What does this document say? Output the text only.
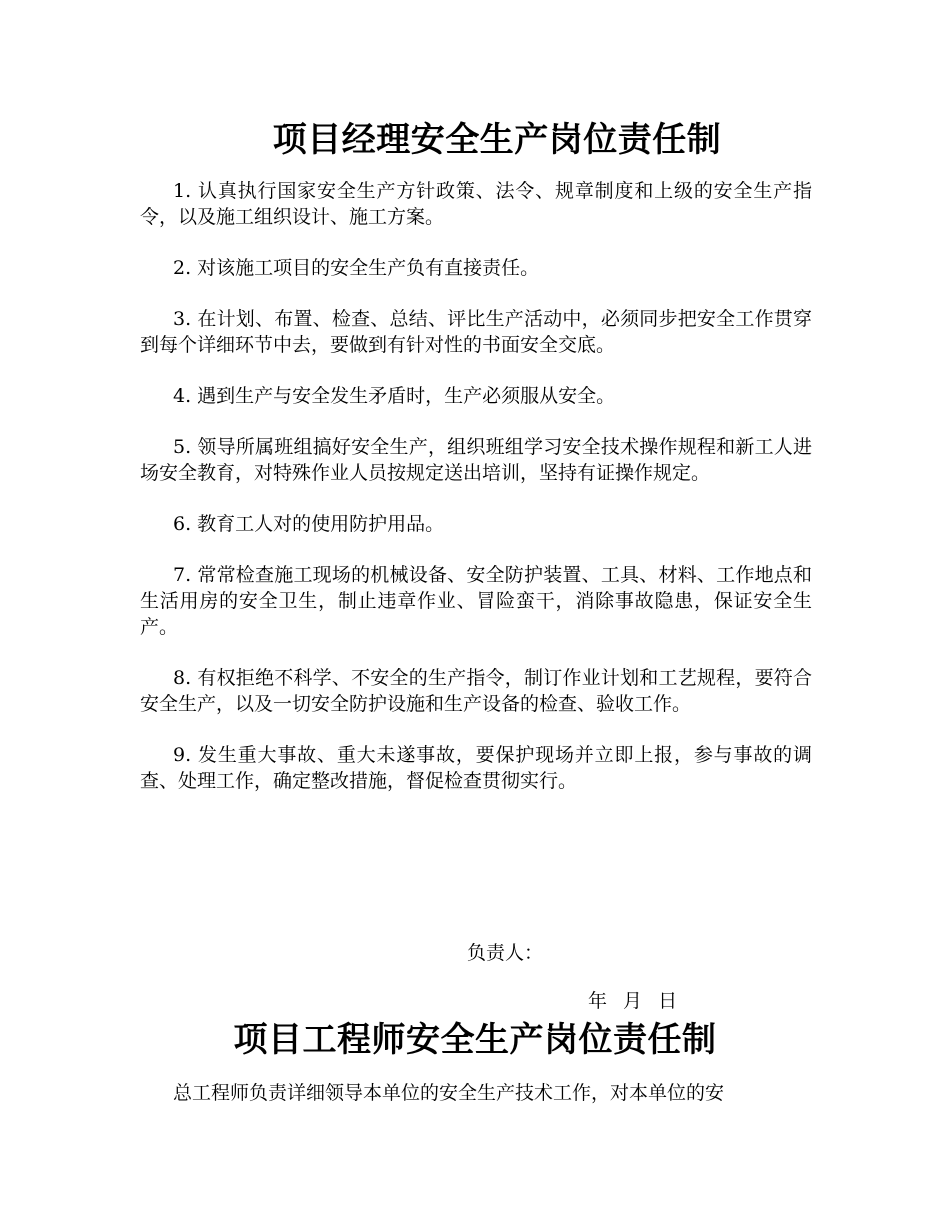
项目经理安全生产岗位责任制

1. 认真执行国家安全生产方针政策、法令、规章制度和上级的安全生产指令，以及施工组织设计、施工方案。

2. 对该施工项目的安全生产负有直接责任。

3. 在计划、布置、检查、总结、评比生产活动中，必须同步把安全工作贯穿到每个详细环节中去，要做到有针对性的书面安全交底。

4. 遇到生产与安全发生矛盾时，生产必须服从安全。

5. 领导所属班组搞好安全生产，组织班组学习安全技术操作规程和新工人进场安全教育，对特殊作业人员按规定送出培训，坚持有证操作规定。

6. 教育工人对的使用防护用品。

7. 常常检查施工现场的机械设备、安全防护装置、工具、材料、工作地点和生活用房的安全卫生，制止违章作业、冒险蛮干，消除事故隐患，保证安全生产。

8. 有权拒绝不科学、不安全的生产指令，制订作业计划和工艺规程，要符合安全生产，以及一切安全防护设施和生产设备的检查、验收工作。

9. 发生重大事故、重大未遂事故，要保护现场并立即上报，参与事故的调查、处理工作，确定整改措施，督促检查贯彻实行。

负责人：
年 月 日
项目工程师安全生产岗位责任制
总工程师负责详细领导本单位的安全生产技术工作，对本单位的安
